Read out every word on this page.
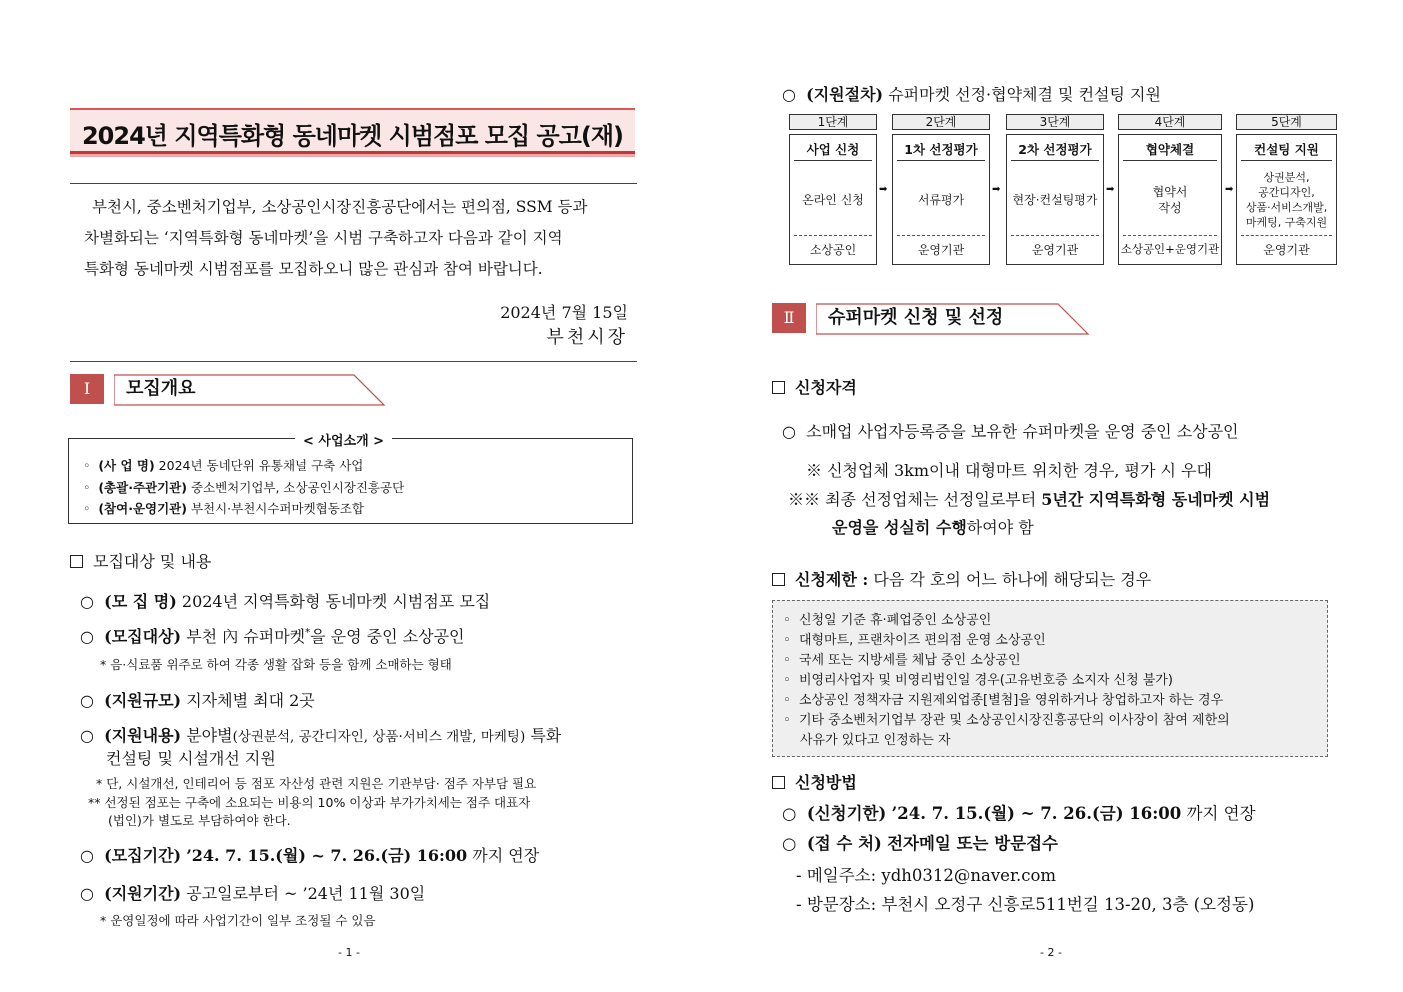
2024년 지역특화형 동네마켓 시범점포 모집 공고(재)
부천시, 중소벤처기업부, 소상공인시장진흥공단에서는 편의점, SSM 등과
차별화되는 ‘지역특화형 동네마켓’을 시범 구축하고자 다음과 같이 지역
특화형 동네마켓 시범점포를 모집하오니 많은 관심과 참여 바랍니다.
2024년 7월 15일
부천시장
Ⅰ	모집개요
< 사업소개 >
◦ (사 업 명) 2024년 동네단위 유통채널 구축 사업
◦ (총괄·주관기관) 중소벤처기업부, 소상공인시장진흥공단
◦ (참여·운영기관) 부천시·부천시수퍼마켓협동조합
모집대상 및 내용
○ (모 집 명) 2024년 지역특화형 동네마켓 시범점포 모집
○ (모집대상) 부천 內 슈퍼마켓*을 운영 중인 소상공인
* 음·식료품 위주로 하여 각종 생활 잡화 등을 함께 소매하는 형태
○ (지원규모) 지자체별 최대 2곳
○ (지원내용) 분야별(상권분석, 공간디자인, 상품·서비스 개발, 마케팅) 특화
컨설팅 및 시설개선 지원
* 단, 시설개선, 인테리어 등 점포 자산성 관련 지원은 기관부담· 점주 자부담 필요
** 선정된 점포는 구축에 소요되는 비용의 10% 이상과 부가가치세는 점주 대표자
(법인)가 별도로 부담하여야 한다.
○ (모집기간) ’24. 7. 15.(월) ~ 7. 26.(금) 16:00 까지 연장
○ (지원기간) 공고일로부터 ~ ’24년 11월 30일
* 운영일정에 따라 사업기간이 일부 조정될 수 있음
- 1 -
○ (지원절차) 슈퍼마켓 선정·협약체결 및 컨설팅 지원
1단계
사업 신청
온라인 신청
소상공인
➡
2단계
1차 선정평가
서류평가
운영기관
➡
3단계
2차 선정평가
현장·컨설팅평가
운영기관
➡
4단계
협약체결
협약서
작성
소상공인+운영기관
➡
5단계
컨설팅 지원
상권분석,
공간디자인,
상품·서비스개발,
마케팅, 구축지원
운영기관
Ⅱ	슈퍼마켓 신청 및 선정
신청자격
○ 소매업 사업자등록증을 보유한 슈퍼마켓을 운영 중인 소상공인
※ 신청업체 3km이내 대형마트 위치한 경우, 평가 시 우대
※※ 최종 선정업체는 선정일로부터 5년간 지역특화형 동네마켓 시범
운영을 성실히 수행하여야 함
신청제한 : 다음 각 호의 어느 하나에 해당되는 경우
◦ 신청일 기준 휴·폐업중인 소상공인
◦ 대형마트, 프랜차이즈 편의점 운영 소상공인
◦ 국세 또는 지방세를 체납 중인 소상공인
◦ 비영리사업자 및 비영리법인일 경우(고유번호증 소지자 신청 불가)
◦ 소상공인 정책자금 지원제외업종[별첨]을 영위하거나 창업하고자 하는 경우
◦ 기타 중소벤처기업부 장관 및 소상공인시장진흥공단의 이사장이 참여 제한의
사유가 있다고 인정하는 자
신청방법
○ (신청기한) ’24. 7. 15.(월) ~ 7. 26.(금) 16:00 까지 연장
○ (접 수 처) 전자메일 또는 방문접수
- 메일주소: ydh0312@naver.com
- 방문장소: 부천시 오정구 신흥로511번길 13-20, 3층 (오정동)
- 2 -
